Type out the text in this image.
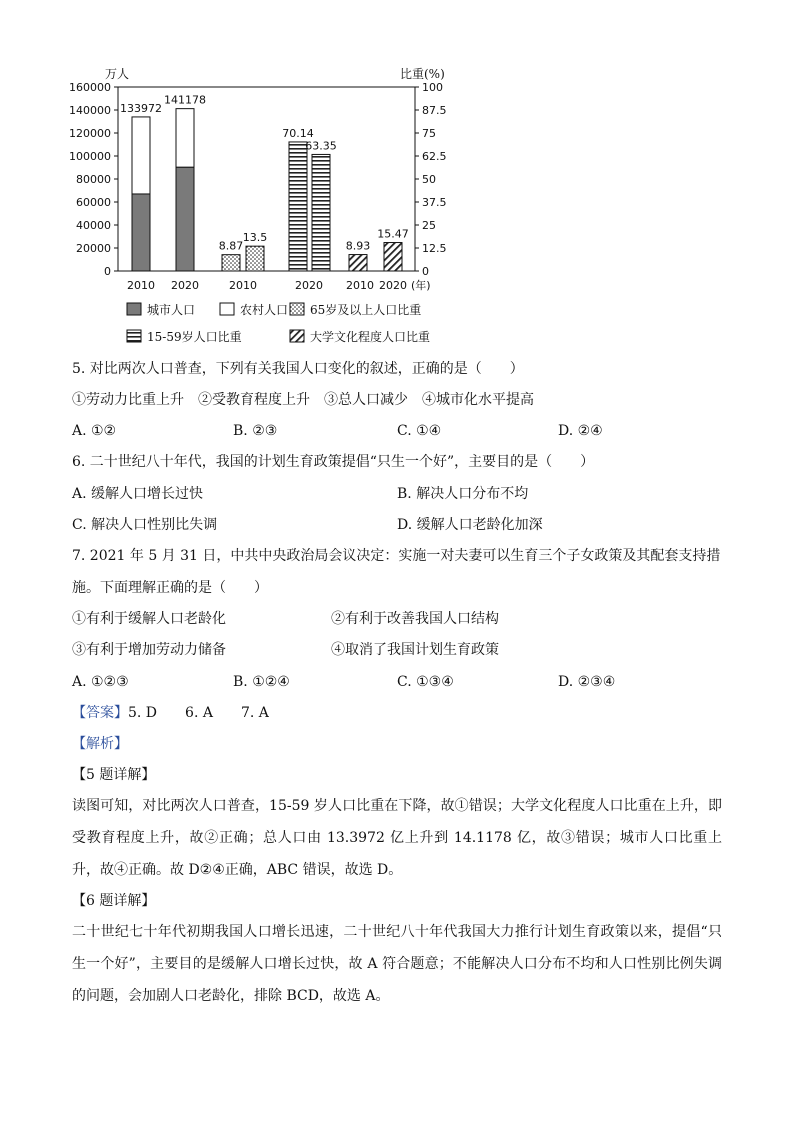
万人	比重(%)
0
20000
40000
60000
80000
100000
120000
140000
160000
0
12.5
25
37.5
50
62.5
75
87.5
100
133972
141178
8.87
13.5
70.14
63.35
8.93
15.47
2010 2020	2010	2020 2010 2020 (年)
城市人口	农村人口 65岁及以上人口比重
15-59岁人口比重	大学文化程度人口比重
5. 对比两次人口普查，下列有关我国人口变化的叙述，正确的是（　　）
①劳动力比重上升　②受教育程度上升　③总人口减少　④城市化水平提高
A. ①②	B. ②③	C. ①④	D. ②④
6. 二十世纪八十年代，我国的计划生育政策提倡“只生一个好”，主要目的是（　　）
A. 缓解人口增长过快	B. 解决人口分布不均
C. 解决人口性别比失调	D. 缓解人口老龄化加深
7. 2021 年 5 月 31 日，中共中央政治局会议决定：实施一对夫妻可以生育三个子女政策及其配套支持措
施。下面理解正确的是（　　）
①有利于缓解人口老龄化	②有利于改善我国人口结构
③有利于增加劳动力储备	④取消了我国计划生育政策
A. ①②③	B. ①②④	C. ①③④	D. ②③④
【答案】5. D　　6. A　　7. A
【解析】
【5 题详解】
读图可知，对比两次人口普查，15-59 岁人口比重在下降，故①错误；大学文化程度人口比重在上升，即受教育程度上升，故②正确；总人口由 13.3972 亿上升到 14.1178 亿，故③错误；城市人口比重上升，故④正确。故 D②④正确，ABC 错误，故选 D。
【6 题详解】
二十世纪七十年代初期我国人口增长迅速，二十世纪八十年代我国大力推行计划生育政策以来，提倡“只生一个好”，主要目的是缓解人口增长过快，故 A 符合题意；不能解决人口分布不均和人口性别比例失调的问题，会加剧人口老龄化，排除 BCD，故选 A。
